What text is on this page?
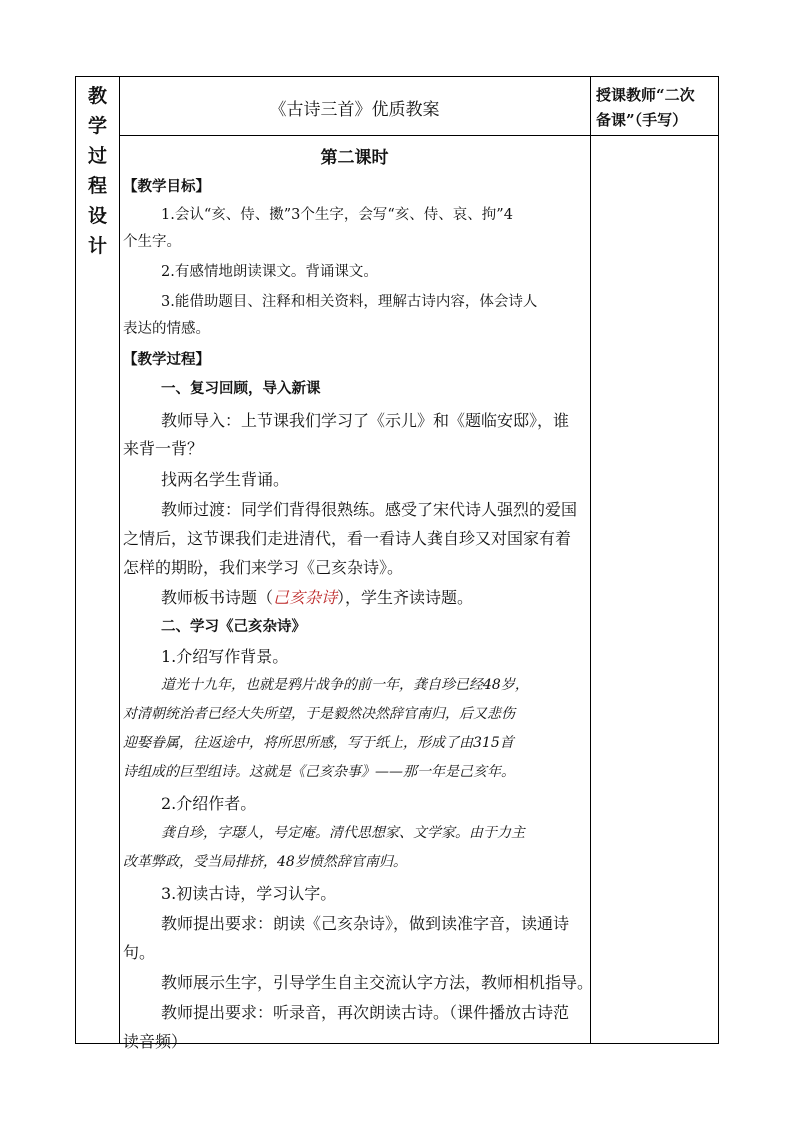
教
学
过
程
设
计
《古诗三首》优质教案
授课教师“二次
备课”（手写）
第二课时
【教学目标】
1.会认“亥、侍、擞”3个生字，会写“亥、侍、哀、拘”4
个生字。
2.有感情地朗读课文。背诵课文。
3.能借助题目、注释和相关资料，理解古诗内容，体会诗人
表达的情感。
【教学过程】
一、复习回顾，导入新课
教师导入：上节课我们学习了《示儿》和《题临安邸》，谁
来背一背？
找两名学生背诵。
教师过渡：同学们背得很熟练。感受了宋代诗人强烈的爱国
之情后，这节课我们走进清代，看一看诗人龚自珍又对国家有着
怎样的期盼，我们来学习《己亥杂诗》。
教师板书诗题（己亥杂诗），学生齐读诗题。
二、学习《己亥杂诗》
1.介绍写作背景。
道光十九年，也就是鸦片战争的前一年，龚自珍已经48岁，
对清朝统治者已经大失所望，于是毅然决然辞官南归，后又悲伤
迎娶眷属，往返途中，将所思所感，写于纸上，形成了由315首
诗组成的巨型组诗。这就是《己亥杂事》——那一年是己亥年。
2.介绍作者。
龚自珍，字璱人，号定庵。清代思想家、文学家。由于力主
改革弊政，受当局排挤，48岁愤然辞官南归。
3.初读古诗，学习认字。
教师提出要求：朗读《己亥杂诗》，做到读准字音，读通诗
句。
教师展示生字，引导学生自主交流认字方法，教师相机指导。
教师提出要求：听录音，再次朗读古诗。（课件播放古诗范
读音频）
